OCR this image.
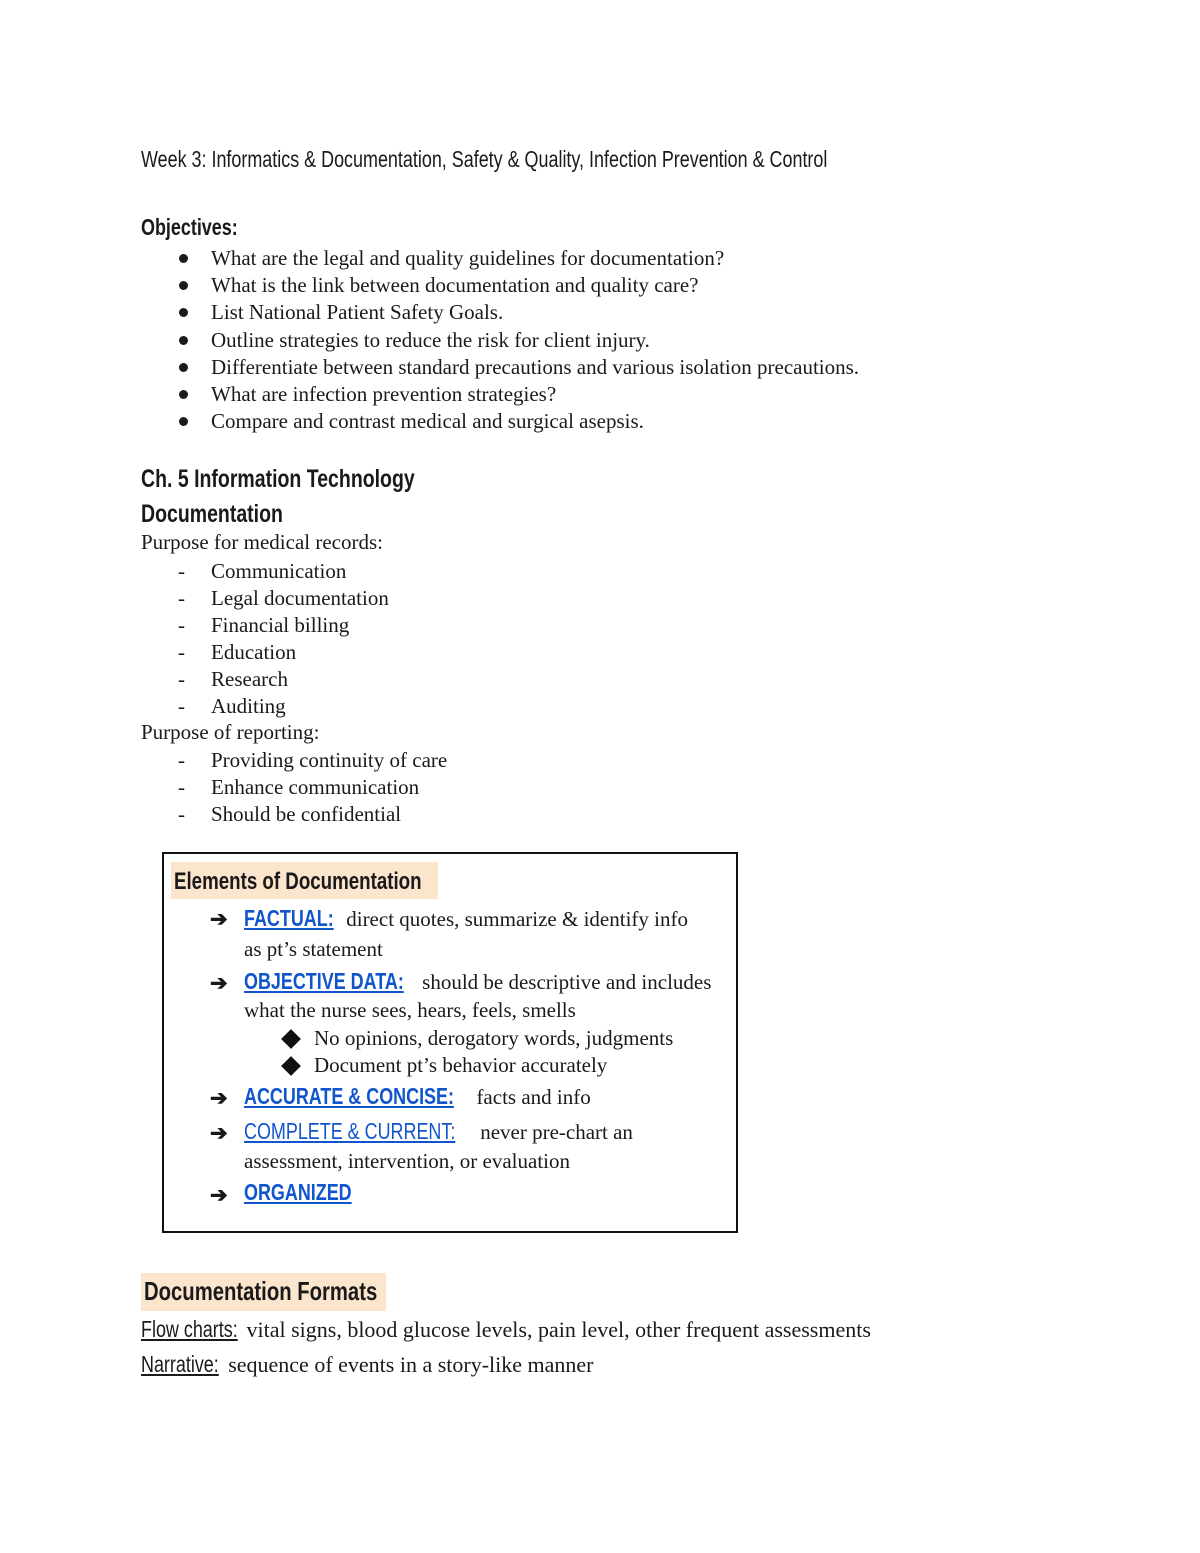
Week 3: Informatics & Documentation, Safety & Quality, Infection Prevention & Control
Objectives:
What are the legal and quality guidelines for documentation?
What is the link between documentation and quality care?
List National Patient Safety Goals.
Outline strategies to reduce the risk for client injury.
Differentiate between standard precautions and various isolation precautions.
What are infection prevention strategies?
Compare and contrast medical and surgical asepsis.
Ch. 5 Information Technology
Documentation
Purpose for medical records:
- Communication
- Legal documentation
- Financial billing
- Education
- Research
- Auditing
Purpose of reporting:
- Providing continuity of care
- Enhance communication
- Should be confidential
Elements of Documentation
➔ FACTUAL: direct quotes, summarize & identify info
as pt’s statement
➔ OBJECTIVE DATA: should be descriptive and includes
what the nurse sees, hears, feels, smells
No opinions, derogatory words, judgments
Document pt’s behavior accurately
➔ ACCURATE & CONCISE: facts and info
➔ COMPLETE & CURRENT: never pre-chart an
assessment, intervention, or evaluation
➔ ORGANIZED
Documentation Formats
Flow charts: vital signs, blood glucose levels, pain level, other frequent assessments
Narrative: sequence of events in a story-like manner
